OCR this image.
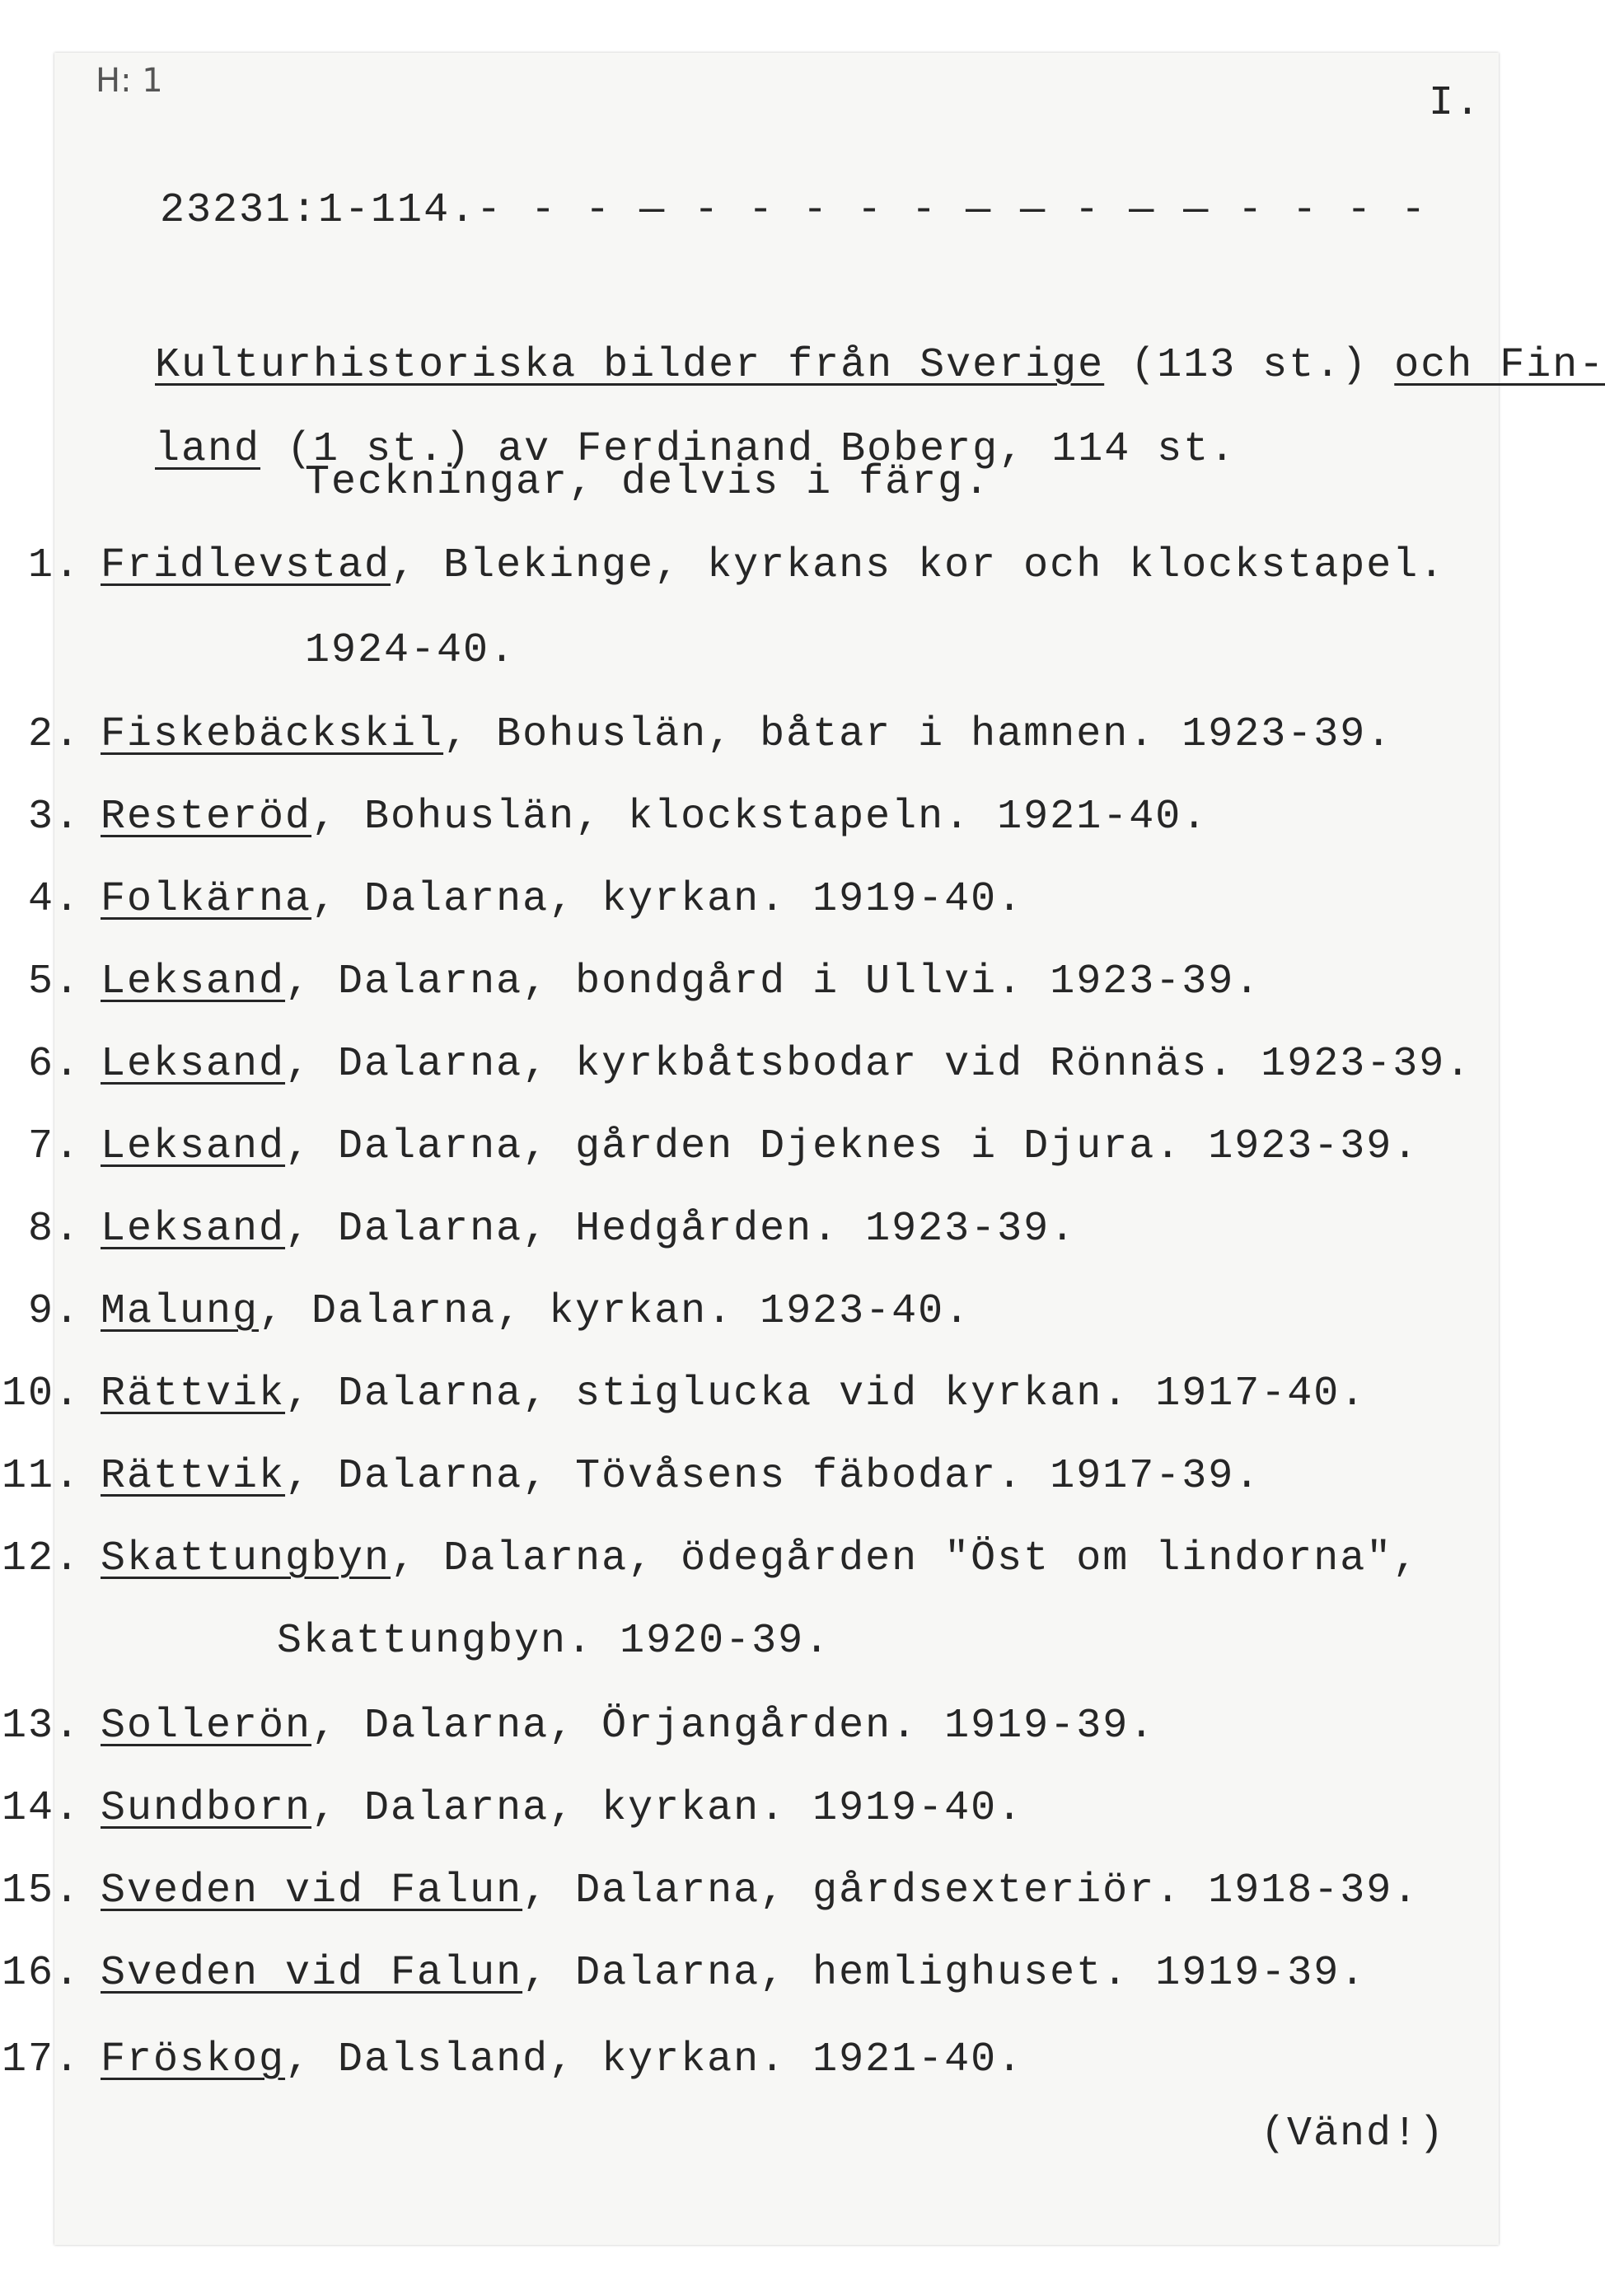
H: 1	I.

23231:1-114.- - - — - - - - - — — - — — - - - -

Kulturhistoriska bilder från Sverige (113 st.) och Fin-

land (1 st.) av Ferdinand Boberg, 114 st.

Teckningar, delvis i färg.
1. Fridlevstad, Blekinge, kyrkans kor och klockstapel.
1924-40.
2. Fiskebäckskil, Bohuslän, båtar i hamnen. 1923-39.
3. Resteröd, Bohuslän, klockstapeln. 1921-40.
4. Folkärna, Dalarna, kyrkan. 1919-40.
5. Leksand, Dalarna, bondgård i Ullvi. 1923-39.
6. Leksand, Dalarna, kyrkbåtsbodar vid Rönnäs. 1923-39.
7. Leksand, Dalarna, gården Djeknes i Djura. 1923-39.
8. Leksand, Dalarna, Hedgården. 1923-39.
9. Malung, Dalarna, kyrkan. 1923-40.
10. Rättvik, Dalarna, stiglucka vid kyrkan. 1917-40.
11. Rättvik, Dalarna, Tövåsens fäbodar. 1917-39.
12. Skattungbyn, Dalarna, ödegården "Öst om lindorna",
Skattungbyn. 1920-39.
13. Sollerön, Dalarna, Örjangården. 1919-39.
14. Sundborn, Dalarna, kyrkan. 1919-40.
15. Sveden vid Falun, Dalarna, gårdsexteriör. 1918-39.
16. Sveden vid Falun, Dalarna, hemlighuset. 1919-39.
17. Fröskog, Dalsland, kyrkan. 1921-40.
(Vänd!)
